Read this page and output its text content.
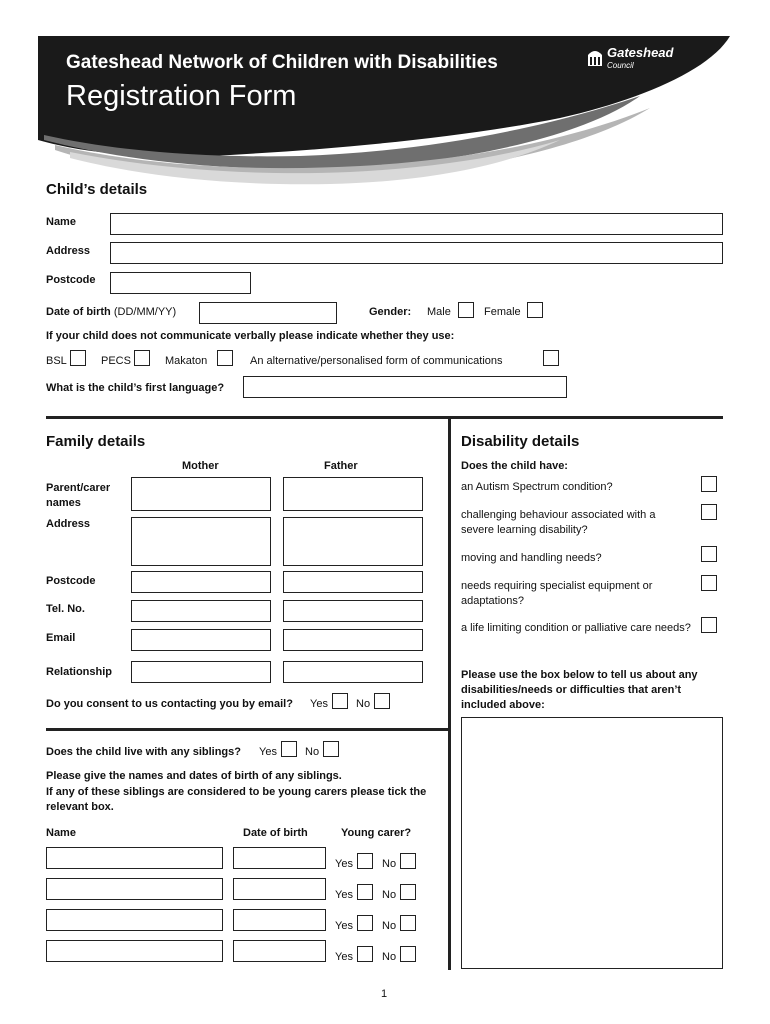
Gateshead Network of Children with Disabilities
Registration Form
Gateshead
Council
Child’s details
Name
Address
Postcode
Date of birth (DD/MM/YY)	Gender: Male	Female
If your child does not communicate verbally please indicate whether they use:
BSL	PECS	Makaton	An alternative/personalised form of communications
What is the child’s first language?
Family details
Mother	Father
Parent/carer names
Address
Postcode
Tel. No.
Email
Relationship
Do you consent to us contacting you by email? Yes	No
Does the child live with any siblings? Yes	No
Please give the names and dates of birth of any siblings.
If any of these siblings are considered to be young carers please tick the relevant box.
Name	Date of birth	Young carer?
Yes	No
Yes	No
Yes	No
Yes	No
Disability details
Does the child have:
an Autism Spectrum condition?
challenging behaviour associated with a severe learning disability?
moving and handling needs?
needs requiring specialist equipment or adaptations?
a life limiting condition or palliative care needs?
Please use the box below to tell us about any disabilities/needs or difficulties that aren’t included above:
1
